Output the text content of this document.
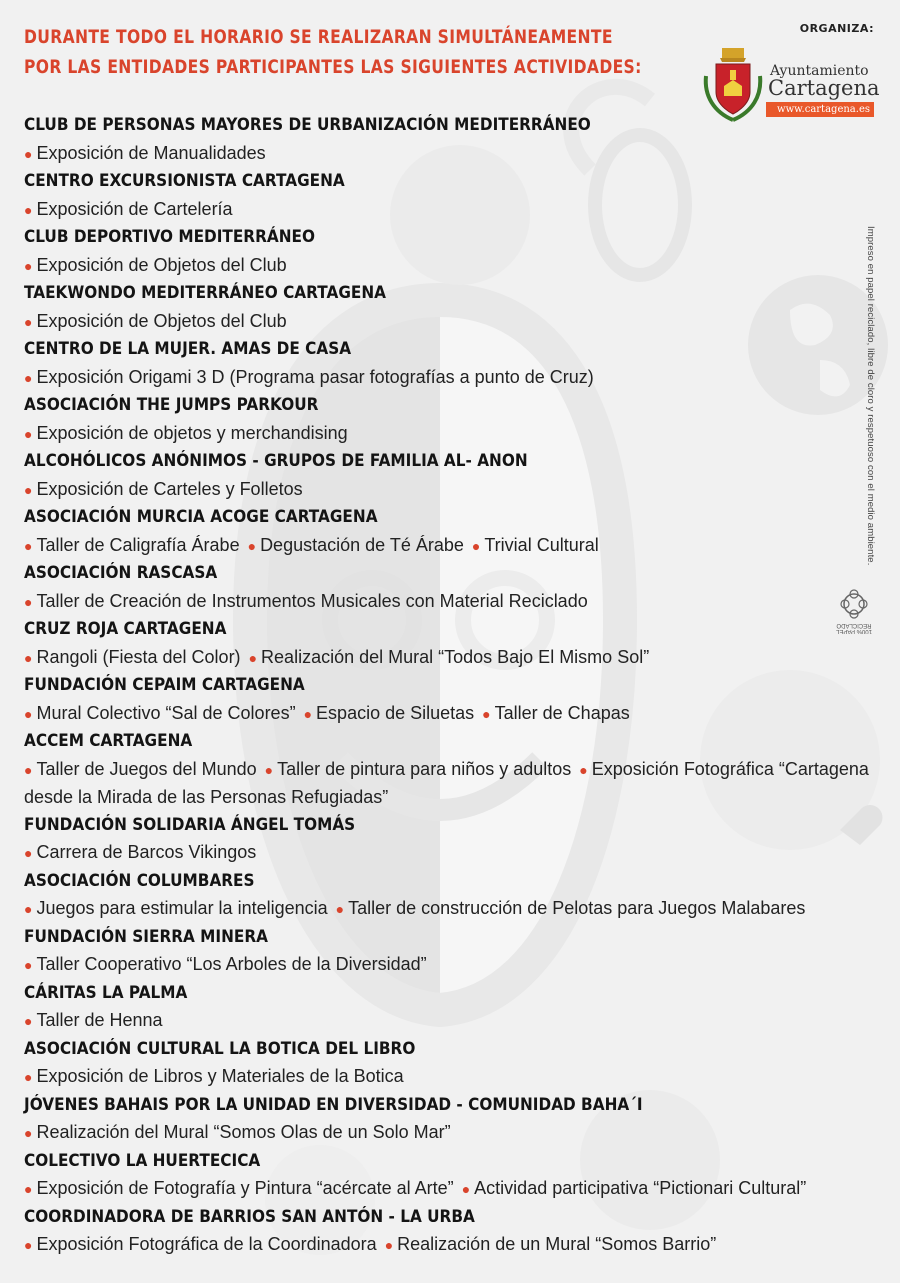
DURANTE TODO EL HORARIO SE REALIZARAN SIMULTÁNEAMENTE
POR LAS ENTIDADES PARTICIPANTES LAS SIGUIENTES ACTIVIDADES:
ORGANIZA:
Ayuntamiento
Cartagena
www.cartagena.es
CLUB DE PERSONAS MAYORES DE URBANIZACIÓN MEDITERRÁNEO
● Exposición de Manualidades
CENTRO EXCURSIONISTA CARTAGENA
● Exposición de Cartelería
CLUB DEPORTIVO MEDITERRÁNEO
● Exposición de Objetos del Club
TAEKWONDO MEDITERRÁNEO CARTAGENA
● Exposición de Objetos del Club
CENTRO DE LA MUJER. AMAS DE CASA
● Exposición Origami 3 D (Programa pasar fotografías a punto de Cruz)
ASOCIACIÓN THE JUMPS PARKOUR
● Exposición de objetos y merchandising
ALCOHÓLICOS ANÓNIMOS - GRUPOS DE FAMILIA AL- ANON
● Exposición de Carteles y Folletos
ASOCIACIÓN MURCIA ACOGE CARTAGENA
● Taller de Caligrafía Árabe ● Degustación de Té Árabe ● Trivial Cultural
ASOCIACIÓN RASCASA
● Taller de Creación de Instrumentos Musicales con Material Reciclado
CRUZ ROJA CARTAGENA
● Rangoli (Fiesta del Color) ● Realización del Mural “Todos Bajo El Mismo Sol”
FUNDACIÓN CEPAIM CARTAGENA
● Mural Colectivo “Sal de Colores” ● Espacio de Siluetas ● Taller de Chapas
ACCEM CARTAGENA
● Taller de Juegos del Mundo ● Taller de pintura para niños y adultos ● Exposición Fotográfica “Cartagena desde la Mirada de las Personas Refugiadas”
FUNDACIÓN SOLIDARIA ÁNGEL TOMÁS
● Carrera de Barcos Vikingos
ASOCIACIÓN COLUMBARES
● Juegos para estimular la inteligencia ● Taller de construcción de Pelotas para Juegos Malabares
FUNDACIÓN SIERRA MINERA
● Taller Cooperativo “Los Arboles de la Diversidad”
CÁRITAS LA PALMA
● Taller de Henna
ASOCIACIÓN CULTURAL LA BOTICA DEL LIBRO
● Exposición de Libros y Materiales de la Botica
JÓVENES BAHAIS POR LA UNIDAD EN DIVERSIDAD - COMUNIDAD BAHA´I
● Realización del Mural “Somos Olas de un Solo Mar”
COLECTIVO LA HUERTECICA
● Exposición de Fotografía y Pintura “acércate al Arte” ● Actividad participativa “Pictionari Cultural”
COORDINADORA DE BARRIOS SAN ANTÓN - LA URBA
● Exposición Fotográfica de la Coordinadora ● Realización de un Mural “Somos Barrio”
Impreso en papel reciclado, libre de cloro y respetuoso con el medio ambiente.
100% PAPEL RECICLADO
